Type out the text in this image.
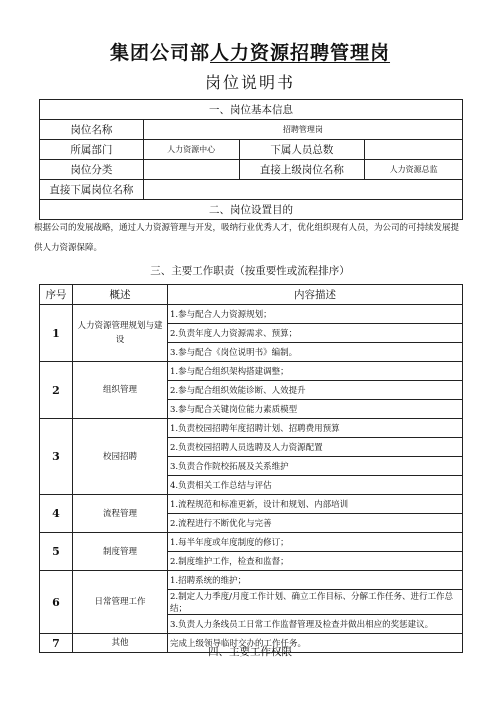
集团公司部人力资源招聘管理岗
岗位说明书
一、岗位基本信息			
岗位名称	招聘管理岗		
所属部门	人力资源中心	下属人员总数	
岗位分类		直接上级岗位名称	人力资源总监
直接下属岗位名称			
二、岗位设置目的			
根据公司的发展战略，通过人力资源管理与开发，吸纳行业优秀人才，优化组织现有人员，为公司的可持续发展提供人力资源保障。
三、主要工作职责（按重要性或流程排序）
序号	概述	内容描述
1	人力资源管理规划与建设	1.参与配合人力资源规划；
		2.负责年度人力资源需求、预算；
		3.参与配合《岗位说明书》编制。
2	组织管理	1.参与配合组织架构搭建调整；
		2.参与配合组织效能诊断、人效提升
		3.参与配合关键岗位能力素质模型
3	校园招聘	1.负责校园招聘年度招聘计划、招聘费用预算
		2.负责校园招聘人员选聘及人力资源配置
		3.负责合作院校拓展及关系维护
		4.负责相关工作总结与评估
4	流程管理	1.流程规范和标准更新，设计和规划、内部培训
		2.流程进行不断优化与完善
5	制度管理	1.每半年度或年度制度的修订；
		2.制度维护工作，检查和监督；
6	日常管理工作	1.招聘系统的维护；
		2.制定人力季度/月度工作计划、确立工作目标、分解工作任务、进行工作总结；
		3.负责人力条线员工日常工作监督管理及检查并做出相应的奖惩建议。
7	其他	完成上级领导临时交办的工作任务。
四、主要工作权限
